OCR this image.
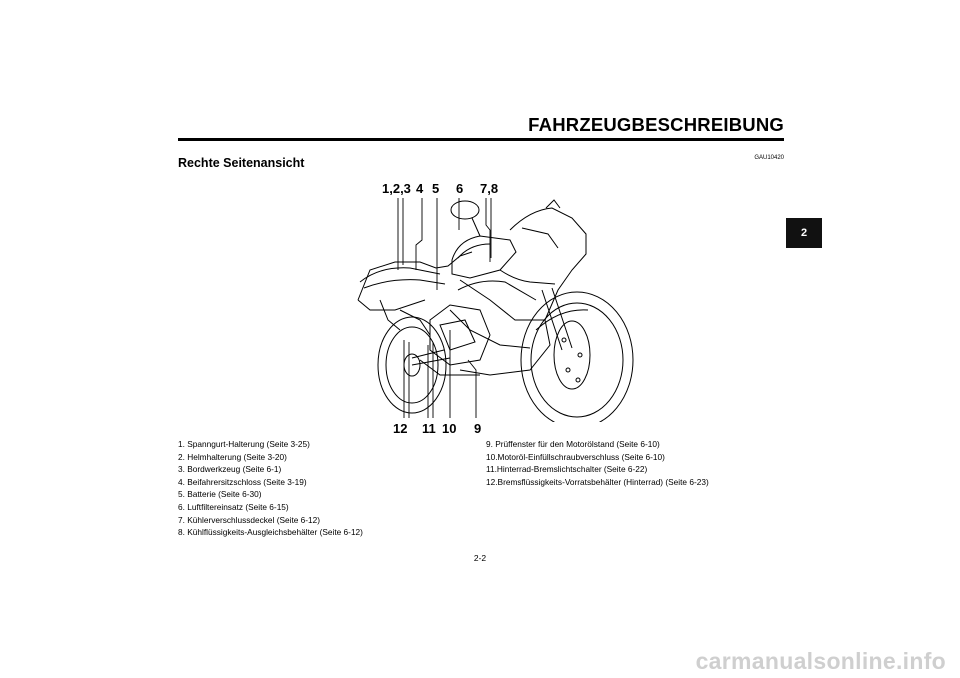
FAHRZEUGBESCHREIBUNG
GAU10420
Rechte Seitenansicht
2
1,2,3 4 5 6 7,8
12 11 10 9
1. Spanngurt-Halterung (Seite 3-25)
2. Helmhalterung (Seite 3-20)
3. Bordwerkzeug (Seite 6-1)
4. Beifahrersitzschloss (Seite 3-19)
5. Batterie (Seite 6-30)
6. Luftfiltereinsatz (Seite 6-15)
7. Kühlerverschlussdeckel (Seite 6-12)
8. Kühlflüssigkeits-Ausgleichsbehälter (Seite 6-12)
9. Prüffenster für den Motorölstand (Seite 6-10)
10.Motoröl-Einfüllschraubverschluss (Seite 6-10)
11.Hinterrad-Bremslichtschalter (Seite 6-22)
12.Bremsflüssigkeits-Vorratsbehälter (Hinterrad) (Seite 6-23)
2-2
carmanualsonline.info
